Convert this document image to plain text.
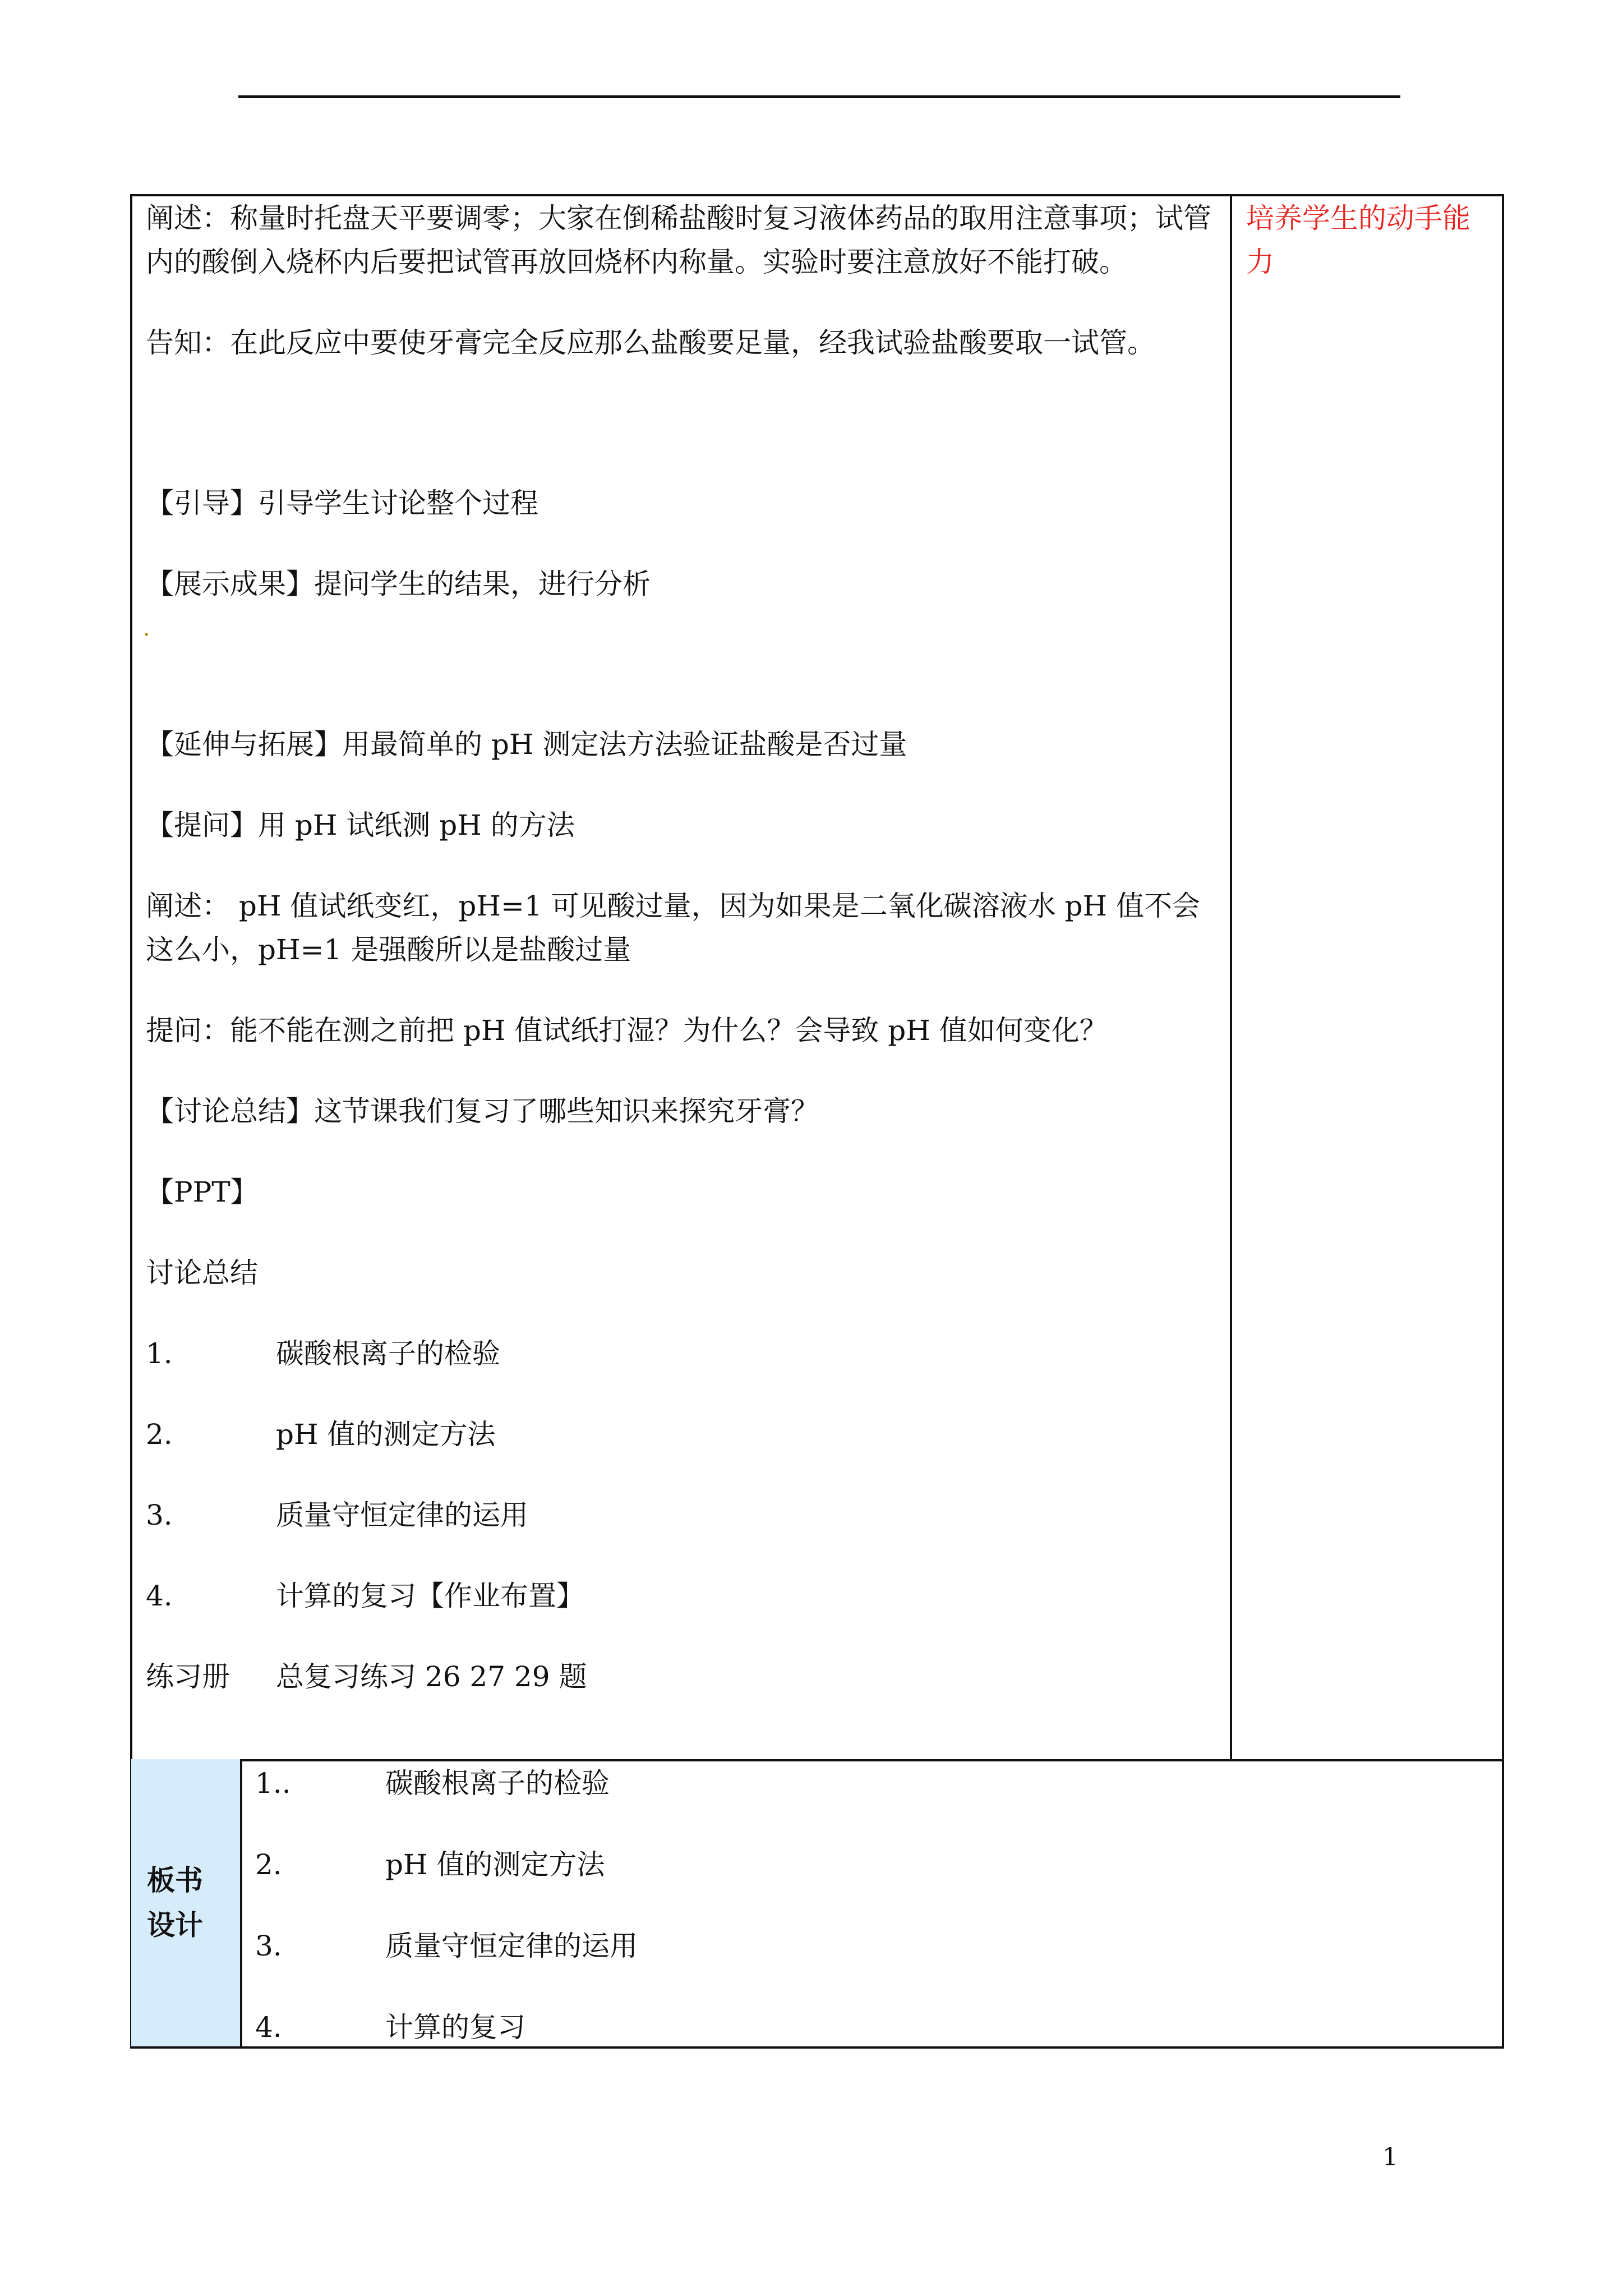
阐述：称量时托盘天平要调零；大家在倒稀盐酸时复习液体药品的取用注意事项；试管内的酸倒入烧杯内后要把试管再放回烧杯内称量。实验时要注意放好不能打破。

告知：在此反应中要使牙膏完全反应那么盐酸要足量，经我试验盐酸要取一试管。

【引导】引导学生讨论整个过程

【展示成果】提问学生的结果，进行分析

【延伸与拓展】用最简单的 pH 测定法方法验证盐酸是否过量

【提问】用 pH 试纸测 pH 的方法

阐述： pH 值试纸变红，pH=1 可见酸过量，因为如果是二氧化碳溶液水 pH 值不会这么小，pH=1 是强酸所以是盐酸过量

提问：能不能在测之前把 pH 值试纸打湿？为什么？会导致 pH 值如何变化？

【讨论总结】这节课我们复习了哪些知识来探究牙膏？

【PPT】

讨论总结

1.	碳酸根离子的检验
2.	pH 值的测定方法
3.	质量守恒定律的运用
4.	计算的复习【作业布置】
练习册	总复习练习 26 27 29 题
培养学生的动手能力
板书
设计
1..	碳酸根离子的检验
2.	pH 值的测定方法
3.	质量守恒定律的运用
4.	计算的复习
1
